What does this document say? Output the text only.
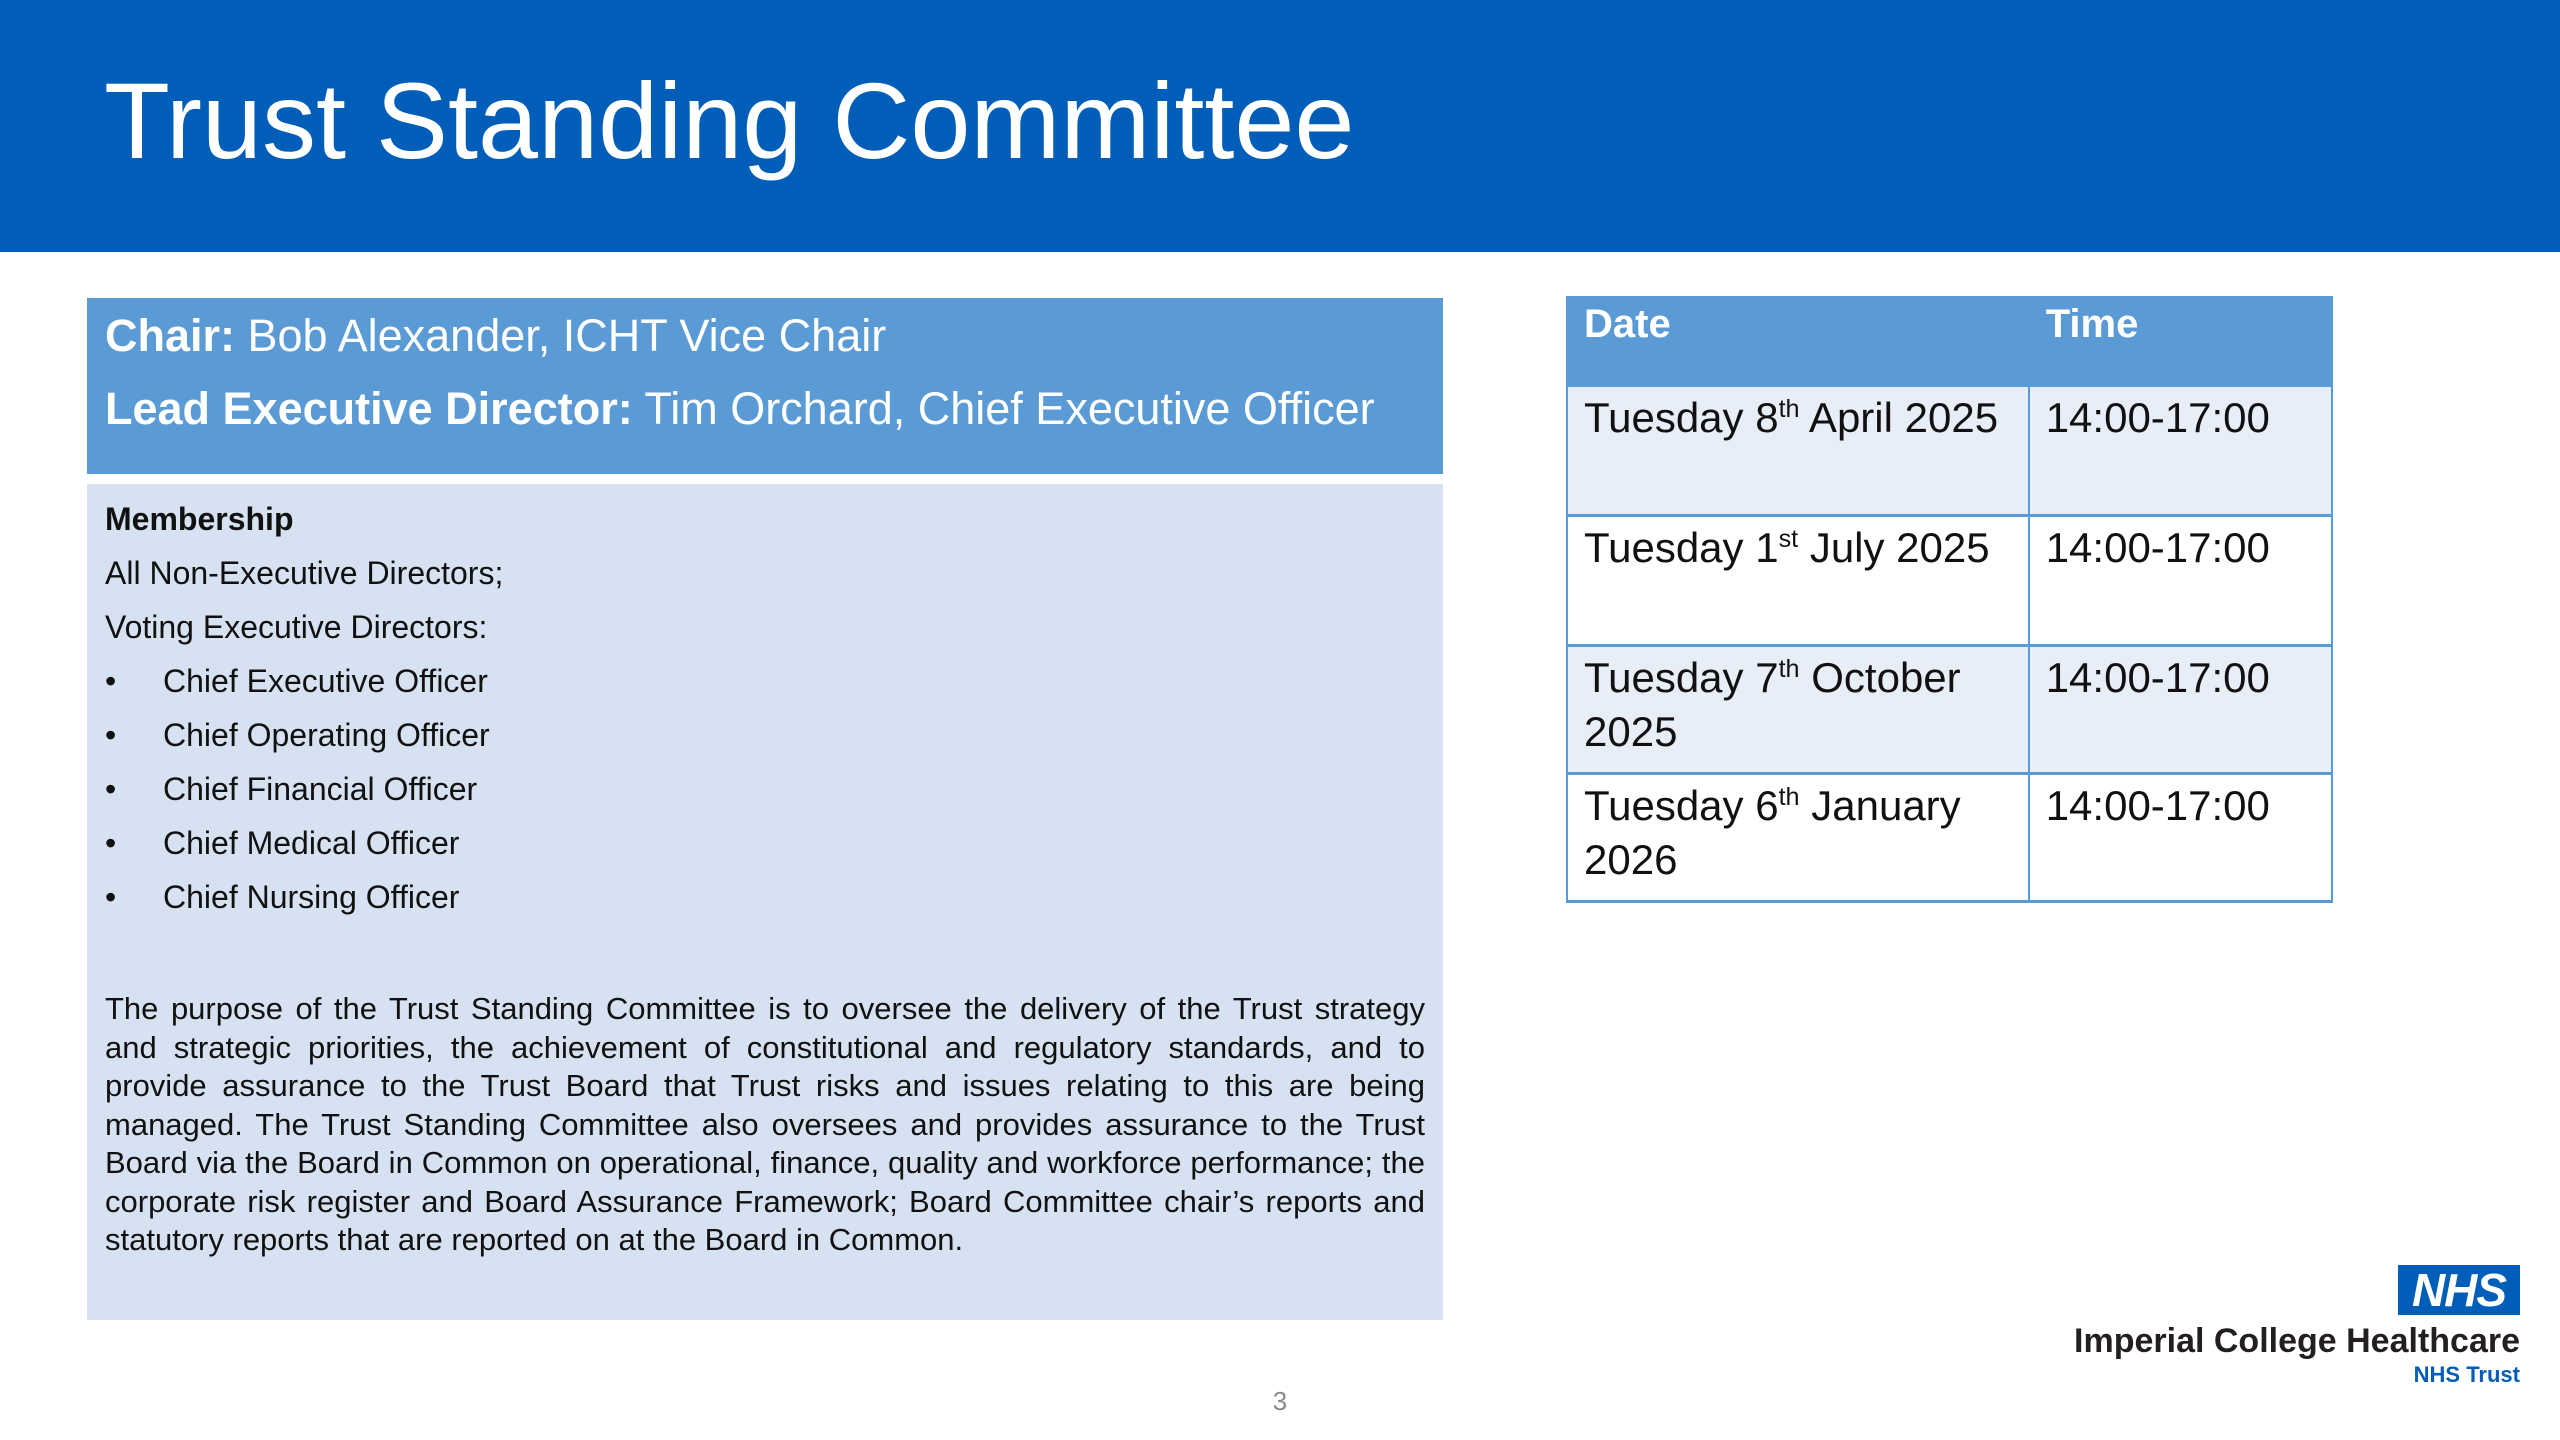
Trust Standing Committee
Chair: Bob Alexander, ICHT Vice Chair
Lead Executive Director: Tim Orchard, Chief Executive Officer
Membership
All Non-Executive Directors;
Voting Executive Directors:
• Chief Executive Officer
• Chief Operating Officer
• Chief Financial Officer
• Chief Medical Officer
• Chief Nursing Officer
The purpose of the Trust Standing Committee is to oversee the delivery of the Trust strategy and strategic priorities, the achievement of constitutional and regulatory standards, and to provide assurance to the Trust Board that Trust risks and issues relating to this are being managed. The Trust Standing Committee also oversees and provides assurance to the Trust Board via the Board in Common on operational, finance, quality and workforce performance; the corporate risk register and Board Assurance Framework; Board Committee chair’s reports and statutory reports that are reported on at the Board in Common.
Date	Time
Tuesday 8th April 2025	14:00-17:00
Tuesday 1st July 2025	14:00-17:00
Tuesday 7th October 2025	14:00-17:00
Tuesday 6th January 2026	14:00-17:00
NHS
Imperial College Healthcare
NHS Trust
3
